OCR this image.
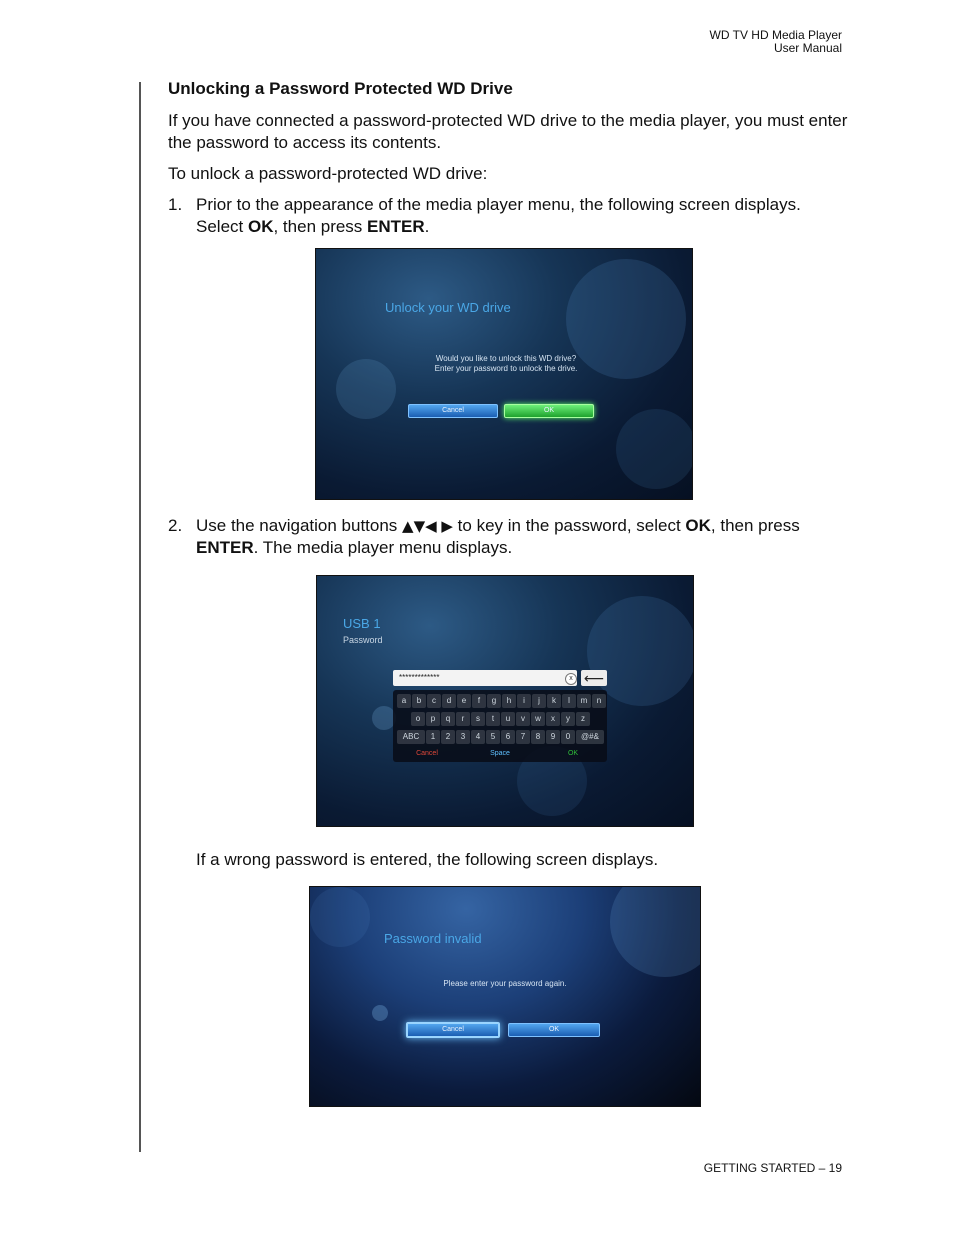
WD TV HD Media Player
User Manual
Unlocking a Password Protected WD Drive
If you have connected a password-protected WD drive to the media player, you must enter the password to access its contents.
To unlock a password-protected WD drive:
1. Prior to the appearance of the media player menu, the following screen displays. Select OK, then press ENTER.
Unlock your WD drive
Would you like to unlock this WD drive?
Enter your password to unlock the drive.
Cancel	OK
2. Use the navigation buttons ▲▼◀ ▶ to key in the password, select OK, then press ENTER. The media player menu displays.
USB 1
Password
*************	x ⟵
a	b	c	d	e	f	g	h	i	j	k	l	m	n
o	p	q	r	s	t	u	v	w	x	y	z
ABC	1	2	3	4	5	6	7	8	9	0	@#&
Cancel	Space	OK
If a wrong password is entered, the following screen displays.
Password invalid
Please enter your password again.
Cancel	OK
GETTING STARTED – 19
